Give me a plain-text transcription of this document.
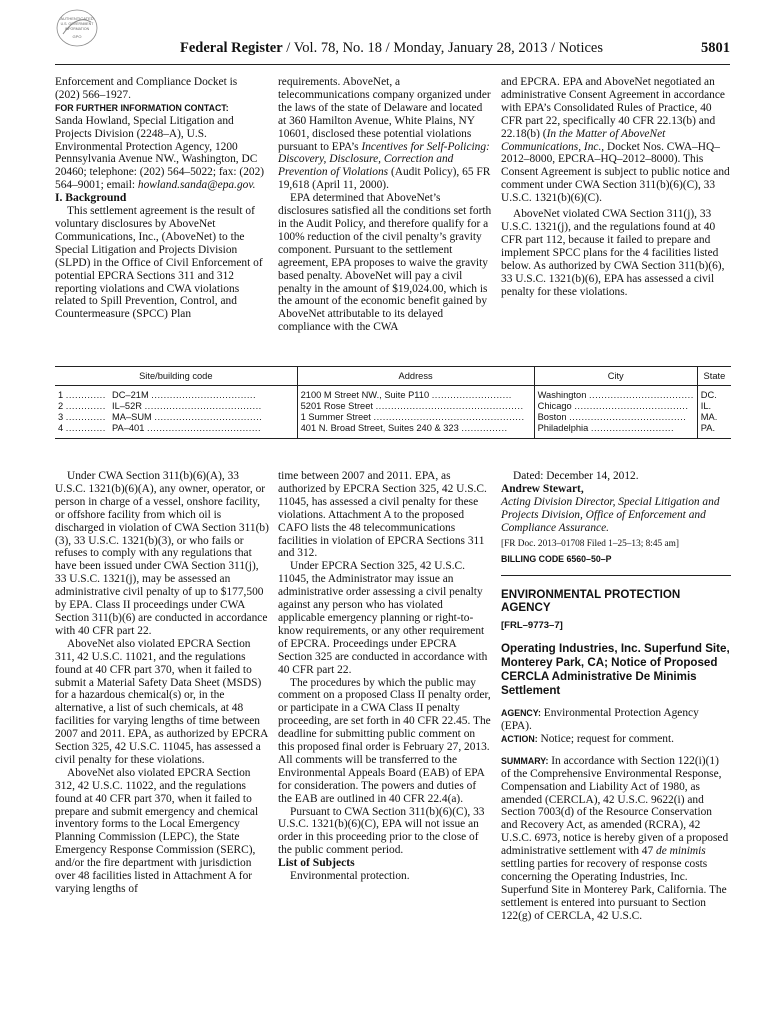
AUTHENTICATED
U.S. GOVERNMENT
INFORMATION
GPO
Federal Register / Vol. 78, No. 18 / Monday, January 28, 2013 / Notices	5801

Enforcement and Compliance Docket is

(202) 566–1927.

FOR FURTHER INFORMATION CONTACT:

Sanda Howland, Special Litigation and Projects Division (2248–A), U.S. Environmental Protection Agency, 1200 Pennsylvania Avenue NW., Washington, DC 20460; telephone: (202) 564–5022; fax: (202) 564–9001; email: howland.sanda@epa.gov.

I. Background

This settlement agreement is the result of voluntary disclosures by AboveNet Communications, Inc., (AboveNet) to the Special Litigation and Projects Division (SLPD) in the Office of Civil Enforcement of potential EPCRA Sections 311 and 312 reporting violations and CWA violations related to Spill Prevention, Control, and Countermeasure (SPCC) Plan

requirements. AboveNet, a telecommunications company organized under the laws of the state of Delaware and located at 360 Hamilton Avenue, White Plains, NY 10601, disclosed these potential violations pursuant to EPA’s Incentives for Self-Policing: Discovery, Disclosure, Correction and Prevention of Violations (Audit Policy), 65 FR 19,618 (April 11, 2000).

EPA determined that AboveNet’s disclosures satisfied all the conditions set forth in the Audit Policy, and therefore qualify for a 100% reduction of the civil penalty’s gravity component. Pursuant to the settlement agreement, EPA proposes to waive the gravity based penalty. AboveNet will pay a civil penalty in the amount of $19,024.00, which is the amount of the economic benefit gained by AboveNet attributable to its delayed compliance with the CWA

and EPCRA. EPA and AboveNet negotiated an administrative Consent Agreement in accordance with EPA’s Consolidated Rules of Practice, 40 CFR part 22, specifically 40 CFR 22.13(b) and 22.18(b) (In the Matter of AboveNet Communications, Inc., Docket Nos. CWA–HQ–2012–8000, EPCRA–HQ–2012–8000). This Consent Agreement is subject to public notice and comment under CWA Section 311(b)(6)(C), 33 U.S.C. 1321(b)(6)(C).

AboveNet violated CWA Section 311(j), 33 U.S.C. 1321(j), and the regulations found at 40 CFR part 112, because it failed to prepare and implement SPCC plans for the 4 facilities listed below. As authorized by CWA Section 311(b)(6), 33 U.S.C. 1321(b)(6), EPA has assessed a civil penalty for these violations.

Site/building code		Address	City	State
1 .............	DC–21M ..................................	2100 M Street NW., Suite P110 ..........................	Washington ..................................	DC.
2 .............	IL–52R ......................................	5201 Rose Street ................................................	Chicago .....................................	IL.
3 .............	MA–SUM ...................................	1 Summer Street .................................................	Boston ......................................	MA.
4 .............	PA–401 .....................................	401 N. Broad Street, Suites 240 & 323 ...............	Philadelphia ...........................	PA.

Under CWA Section 311(b)(6)(A), 33 U.S.C. 1321(b)(6)(A), any owner, operator, or person in charge of a vessel, onshore facility, or offshore facility from which oil is discharged in violation of CWA Section 311(b)(3), 33 U.S.C. 1321(b)(3), or who fails or refuses to comply with any regulations that have been issued under CWA Section 311(j), 33 U.S.C. 1321(j), may be assessed an administrative civil penalty of up to $177,500 by EPA. Class II proceedings under CWA Section 311(b)(6) are conducted in accordance with 40 CFR part 22.

AboveNet also violated EPCRA Section 311, 42 U.S.C. 11021, and the regulations found at 40 CFR part 370, when it failed to submit a Material Safety Data Sheet (MSDS) for a hazardous chemical(s) or, in the alternative, a list of such chemicals, at 48 facilities for varying lengths of time between 2007 and 2011. EPA, as authorized by EPCRA Section 325, 42 U.S.C. 11045, has assessed a civil penalty for these violations.

AboveNet also violated EPCRA Section 312, 42 U.S.C. 11022, and the regulations found at 40 CFR part 370, when it failed to prepare and submit emergency and chemical inventory forms to the Local Emergency Planning Commission (LEPC), the State Emergency Response Commission (SERC), and/or the fire department with jurisdiction over 48 facilities listed in Attachment A for varying lengths of

time between 2007 and 2011. EPA, as authorized by EPCRA Section 325, 42 U.S.C. 11045, has assessed a civil penalty for these violations. Attachment A to the proposed CAFO lists the 48 telecommunications facilities in violation of EPCRA Sections 311 and 312.

Under EPCRA Section 325, 42 U.S.C. 11045, the Administrator may issue an administrative order assessing a civil penalty against any person who has violated applicable emergency planning or right-to-know requirements, or any other requirement of EPCRA. Proceedings under EPCRA Section 325 are conducted in accordance with 40 CFR part 22.

The procedures by which the public may comment on a proposed Class II penalty order, or participate in a CWA Class II penalty proceeding, are set forth in 40 CFR 22.45. The deadline for submitting public comment on this proposed final order is February 27, 2013. All comments will be transferred to the Environmental Appeals Board (EAB) of EPA for consideration. The powers and duties of the EAB are outlined in 40 CFR 22.4(a).

Pursuant to CWA Section 311(b)(6)(C), 33 U.S.C. 1321(b)(6)(C), EPA will not issue an order in this proceeding prior to the close of the public comment period.

List of Subjects

Environmental protection.

Dated: December 14, 2012.

Andrew Stewart,

Acting Division Director, Special Litigation and Projects Division, Office of Enforcement and Compliance Assurance.

[FR Doc. 2013–01708 Filed 1–25–13; 8:45 am]

BILLING CODE 6560–50–P

ENVIRONMENTAL PROTECTION AGENCY

[FRL–9773–7]

Operating Industries, Inc. Superfund Site, Monterey Park, CA; Notice of Proposed CERCLA Administrative De Minimis Settlement

AGENCY: Environmental Protection Agency (EPA).

ACTION: Notice; request for comment.

SUMMARY: In accordance with Section 122(i)(1) of the Comprehensive Environmental Response, Compensation and Liability Act of 1980, as amended (CERCLA), 42 U.S.C. 9622(i) and Section 7003(d) of the Resource Conservation and Recovery Act, as amended (RCRA), 42 U.S.C. 6973, notice is hereby given of a proposed administrative settlement with 47 de minimis settling parties for recovery of response costs concerning the Operating Industries, Inc. Superfund Site in Monterey Park, California. The settlement is entered into pursuant to Section 122(g) of CERCLA, 42 U.S.C.
